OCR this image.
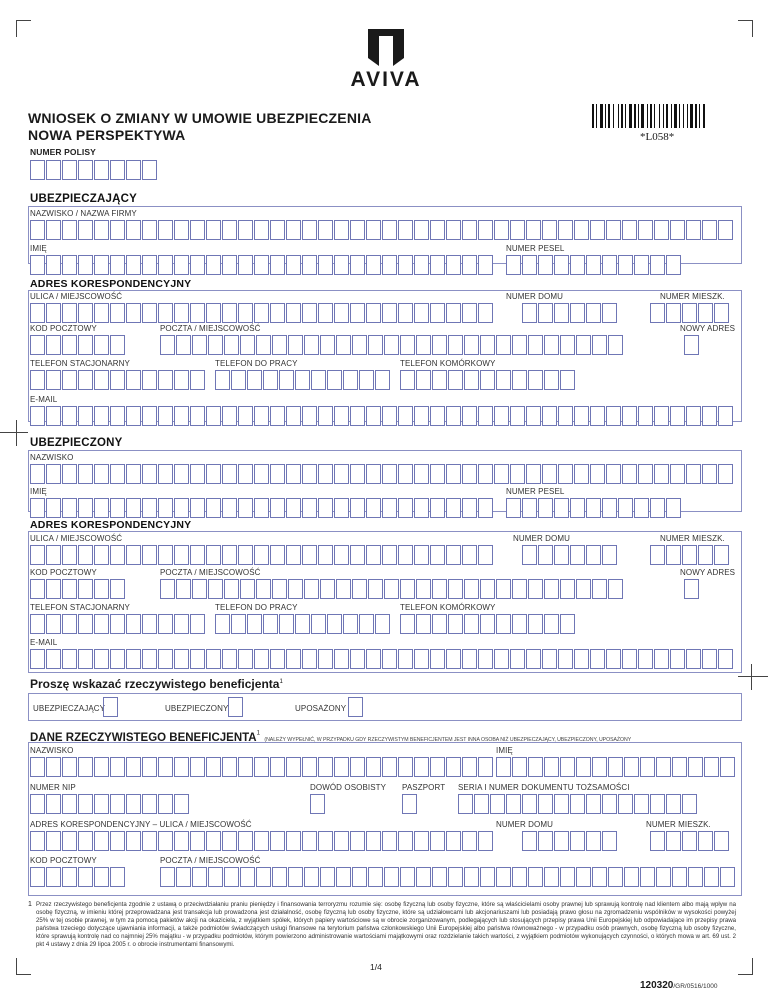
AVIVA
WNIOSEK O ZMIANY W UMOWIE UBEZPIECZENIA
NOWA PERSPEKTYWA	*L058*
NUMER POLISY
UBEZPIECZAJĄCY
NAZWISKO / NAZWA FIRMY
IMIĘ	NUMER PESEL
ADRES KORESPONDENCYJNY
ULICA / MIEJSCOWOŚĆ	NUMER DOMU	NUMER MIESZK.
KOD POCZTOWY	POCZTA / MIEJSCOWOŚĆ	NOWY ADRES
TELEFON STACJONARNY	TELEFON DO PRACY	TELEFON KOMÓRKOWY
E-MAIL
UBEZPIECZONY
NAZWISKO
IMIĘ	NUMER PESEL
ADRES KORESPONDENCYJNY
ULICA / MIEJSCOWOŚĆ	NUMER DOMU	NUMER MIESZK.
KOD POCZTOWY	POCZTA / MIEJSCOWOŚĆ	NOWY ADRES
TELEFON STACJONARNY	TELEFON DO PRACY	TELEFON KOMÓRKOWY
E-MAIL
Proszę wskazać rzeczywistego beneficjenta$^1$
UBEZPIECZAJĄCY	UBEZPIECZONY	UPOSAŻONY
DANE RZECZYWISTEGO BENEFICJENTA$^1$ (NALEŻY WYPEŁNIĆ, W PRZYPADKU GDY RZECZYWISTYM BENEFICJENTEM JEST INNA OSOBA NIŻ UBEZPIECZAJĄCY, UBEZPIECZONY, UPOSAŻONY
NAZWISKO	IMIĘ
NUMER NIP	DOWÓD OSOBISTY PASZPORT SERIA I NUMER DOKUMENTU TOŻSAMOŚCI
ADRES KORESPONDENCYJNY – ULICA / MIEJSCOWOŚĆ	NUMER DOMU	NUMER MIESZK.
KOD POCZTOWY	POCZTA / MIEJSCOWOŚĆ
1 Przez rzeczywistego beneficjenta zgodnie z ustawą o przeciwdziałaniu praniu pieniędzy i finansowania terroryzmu rozumie się: osobę fizyczną lub osoby fizyczne, które są właścicielami osoby prawnej lub sprawują kontrolę nad klientem albo mają wpływ na osobę fizyczną, w imieniu której przeprowadzana jest transakcja lub prowadzona jest działalność, osobę fizyczną lub osoby fizyczne, które są udziałowcami lub akcjonariuszami lub posiadają prawo głosu na zgromadzeniu wspólników w wysokości powyżej 25% w tej osobie prawnej, w tym za pomocą pakietów akcji na okaziciela, z wyjątkiem spółek, których papiery wartościowe są w obrocie zorganizowanym, podlegających lub stosujących przepisy prawa Unii Europejskiej lub odpowiadające im przepisy prawa państwa trzeciego dotyczące ujawniania informacji, a także podmiotów świadczących usługi finansowe na terytorium państwa członkowskiego Unii Europejskiej albo państwa równoważnego - w przypadku osób prawnych, osobę fizyczną lub osoby fizyczne, które sprawują kontrolę nad co najmniej 25% majątku - w przypadku podmiotów, którym powierzono administrowanie wartościami majątkowymi oraz rozdzielanie takich wartości, z wyjątkiem podmiotów wykonujących czynności, o których mowa w art. 69 ust. 2 pkt 4 ustawy z dnia 29 lipca 2005 r. o obrocie instrumentami finansowymi.
1/4
120320/GR/0516/1000
